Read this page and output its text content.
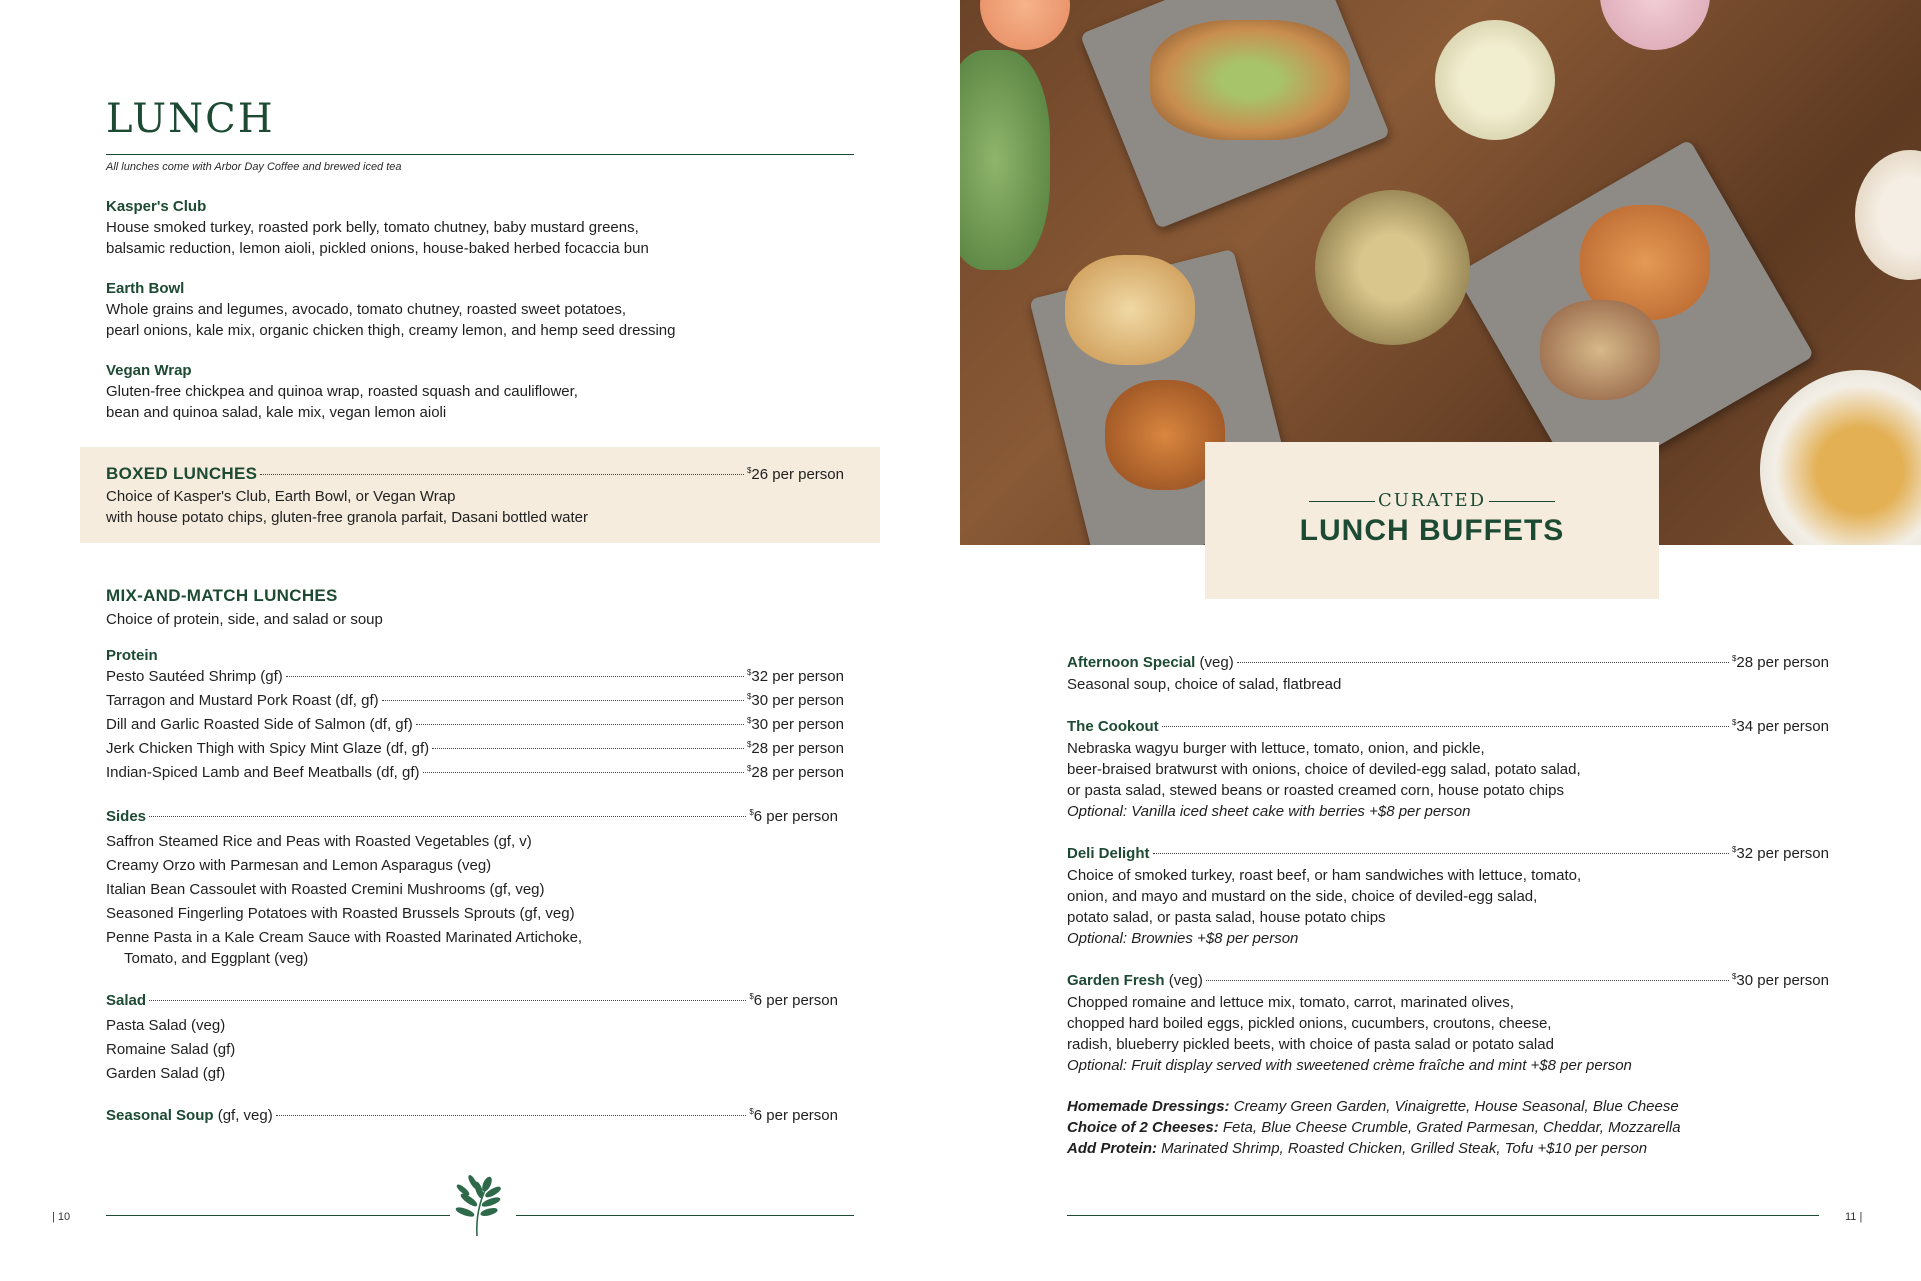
LUNCH
All lunches come with Arbor Day Coffee and brewed iced tea
Kasper's Club
House smoked turkey, roasted pork belly, tomato chutney, baby mustard greens,
balsamic reduction, lemon aioli, pickled onions, house-baked herbed focaccia bun
Earth Bowl
Whole grains and legumes, avocado, tomato chutney, roasted sweet potatoes,
pearl onions, kale mix, organic chicken thigh, creamy lemon, and hemp seed dressing
Vegan Wrap
Gluten-free chickpea and quinoa wrap, roasted squash and cauliflower,
bean and quinoa salad, kale mix, vegan lemon aioli
BOXED LUNCHES	$26 per person
Choice of Kasper's Club, Earth Bowl, or Vegan Wrap
with house potato chips, gluten-free granola parfait, Dasani bottled water
MIX-AND-MATCH LUNCHES
Choice of protein, side, and salad or soup
Protein
Pesto Sautéed Shrimp (gf)	$32 per person
Tarragon and Mustard Pork Roast (df, gf)	$30 per person
Dill and Garlic Roasted Side of Salmon (df, gf)	$30 per person
Jerk Chicken Thigh with Spicy Mint Glaze (df, gf)	$28 per person
Indian-Spiced Lamb and Beef Meatballs (df, gf)	$28 per person
Sides	$6 per person
Saffron Steamed Rice and Peas with Roasted Vegetables (gf, v)
Creamy Orzo with Parmesan and Lemon Asparagus (veg)
Italian Bean Cassoulet with Roasted Cremini Mushrooms (gf, veg)
Seasoned Fingerling Potatoes with Roasted Brussels Sprouts (gf, veg)
Penne Pasta in a Kale Cream Sauce with Roasted Marinated Artichoke,
Tomato, and Eggplant (veg)
Salad	$6 per person
Pasta Salad (veg)
Romaine Salad (gf)
Garden Salad (gf)
Seasonal Soup (gf, veg)	$6 per person
| 10
CURATED
LUNCH BUFFETS
Afternoon Special (veg)	$28 per person
Seasonal soup, choice of salad, flatbread
The Cookout	$34 per person
Nebraska wagyu burger with lettuce, tomato, onion, and pickle,
beer-braised bratwurst with onions, choice of deviled-egg salad, potato salad,
or pasta salad, stewed beans or roasted creamed corn, house potato chips
Optional: Vanilla iced sheet cake with berries +$8 per person
Deli Delight	$32 per person
Choice of smoked turkey, roast beef, or ham sandwiches with lettuce, tomato,
onion, and mayo and mustard on the side, choice of deviled-egg salad,
potato salad, or pasta salad, house potato chips
Optional: Brownies +$8 per person
Garden Fresh (veg)	$30 per person
Chopped romaine and lettuce mix, tomato, carrot, marinated olives,
chopped hard boiled eggs, pickled onions, cucumbers, croutons, cheese,
radish, blueberry pickled beets, with choice of pasta salad or potato salad
Optional: Fruit display served with sweetened crème fraîche and mint +$8 per person
Homemade Dressings: Creamy Green Garden, Vinaigrette, House Seasonal, Blue Cheese
Choice of 2 Cheeses: Feta, Blue Cheese Crumble, Grated Parmesan, Cheddar, Mozzarella
Add Protein: Marinated Shrimp, Roasted Chicken, Grilled Steak, Tofu +$10 per person
11 |
